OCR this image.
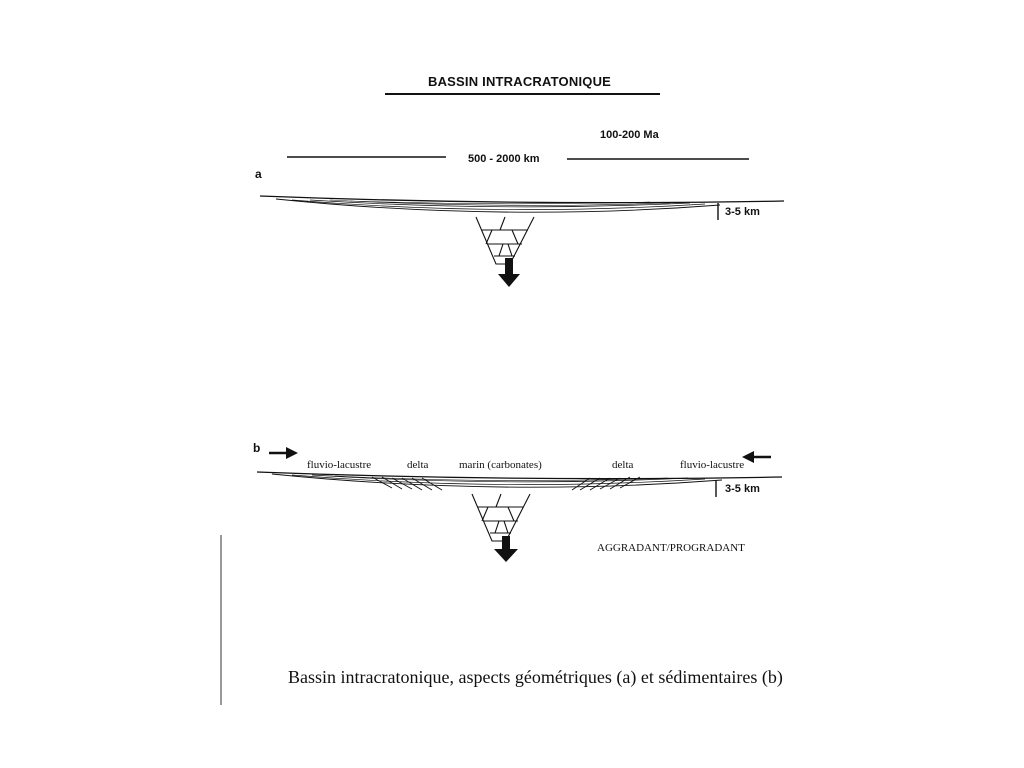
BASSIN INTRACRATONIQUE
100-200 Ma
500 - 2000 km
a
3-5 km
b
fluvio-lacustre	delta	marin (carbonates)	delta	fluvio-lacustre
3-5 km
AGGRADANT/PROGRADANT
Bassin intracratonique, aspects géométriques (a) et sédimentaires (b)
